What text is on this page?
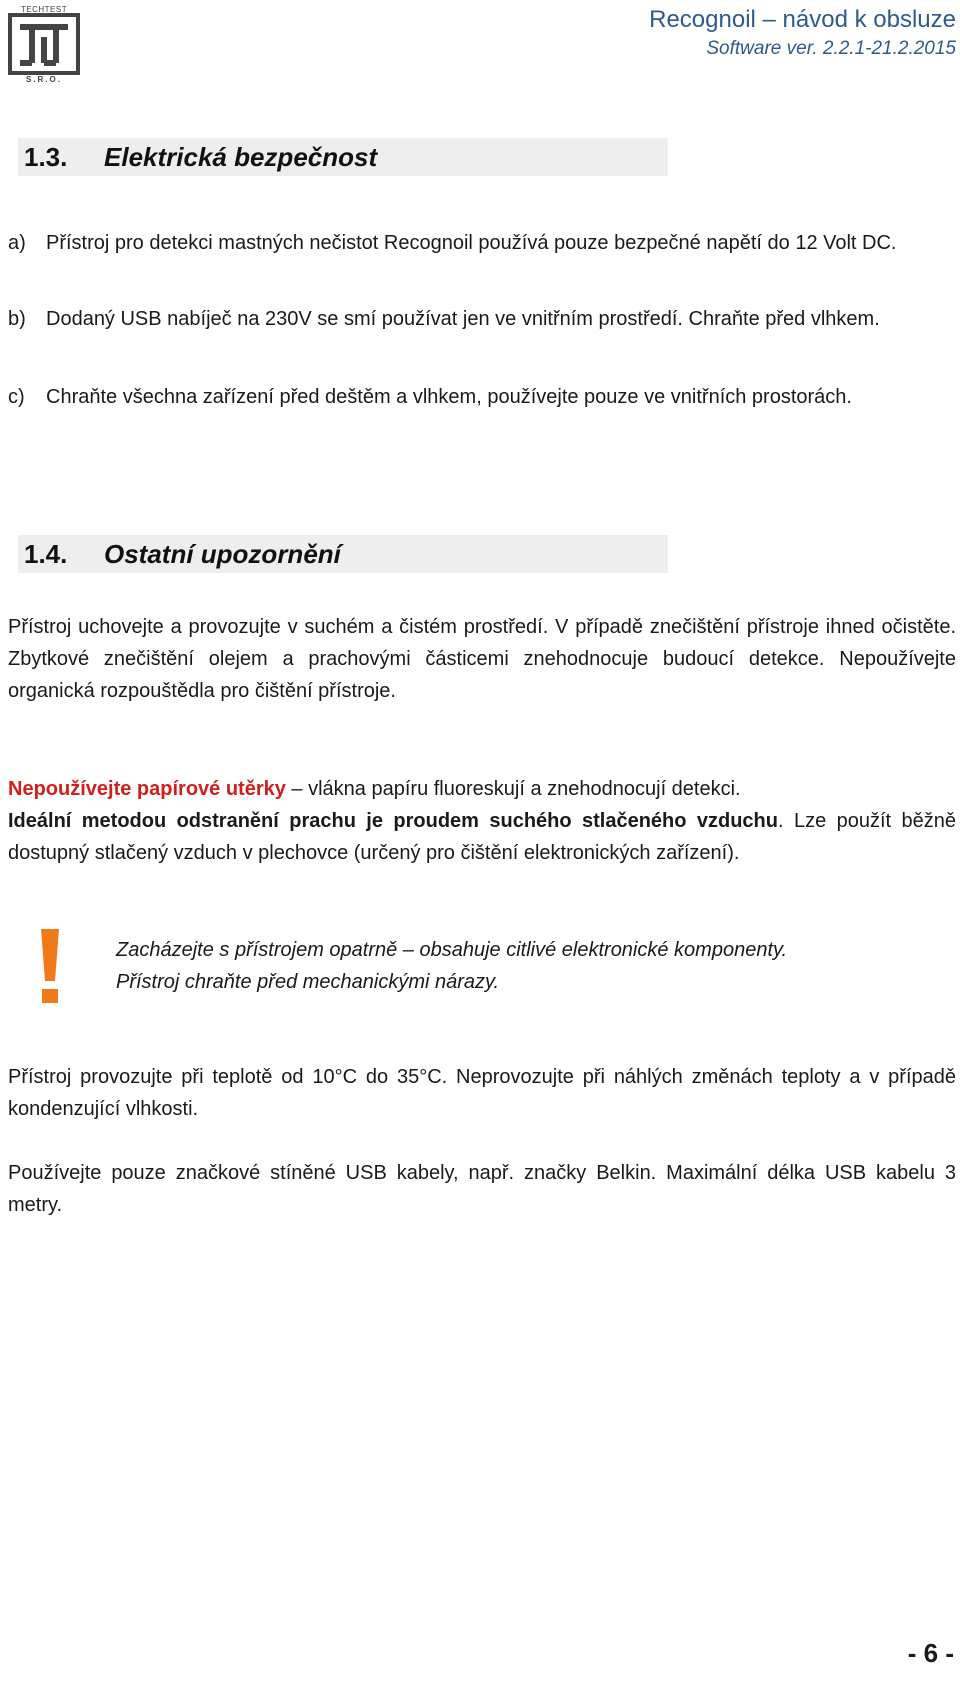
TECHTEST
S.R.O.
Recognoil – návod k obsluze
Software ver. 2.2.1-21.2.2015
1.3. Elektrická bezpečnost
a) Přístroj pro detekci mastných nečistot Recognoil používá pouze bezpečné napětí do 12 Volt DC.
b) Dodaný USB nabíječ na 230V se smí používat jen ve vnitřním prostředí. Chraňte před vlhkem.
c) Chraňte všechna zařízení před deštěm a vlhkem, používejte pouze ve vnitřních prostorách.
1.4. Ostatní upozornění
Přístroj uchovejte a provozujte v suchém a čistém prostředí. V případě znečištění přístroje ihned očistěte. Zbytkové znečištění olejem a prachovými částicemi znehodnocuje budoucí detekce. Nepoužívejte organická rozpouštědla pro čištění přístroje.
Nepoužívejte papírové utěrky – vlákna papíru fluoreskují a znehodnocují detekci.
Ideální metodou odstranění prachu je proudem suchého stlačeného vzduchu. Lze použít běžně dostupný stlačený vzduch v plechovce (určený pro čištění elektronických zařízení).
Zacházejte s přístrojem opatrně – obsahuje citlivé elektronické komponenty.
Přístroj chraňte před mechanickými nárazy.
Přístroj provozujte při teplotě od 10°C do 35°C. Neprovozujte při náhlých změnách teploty a v případě kondenzující vlhkosti.
Používejte pouze značkové stíněné USB kabely, např. značky Belkin. Maximální délka USB kabelu 3 metry.
- 6 -
